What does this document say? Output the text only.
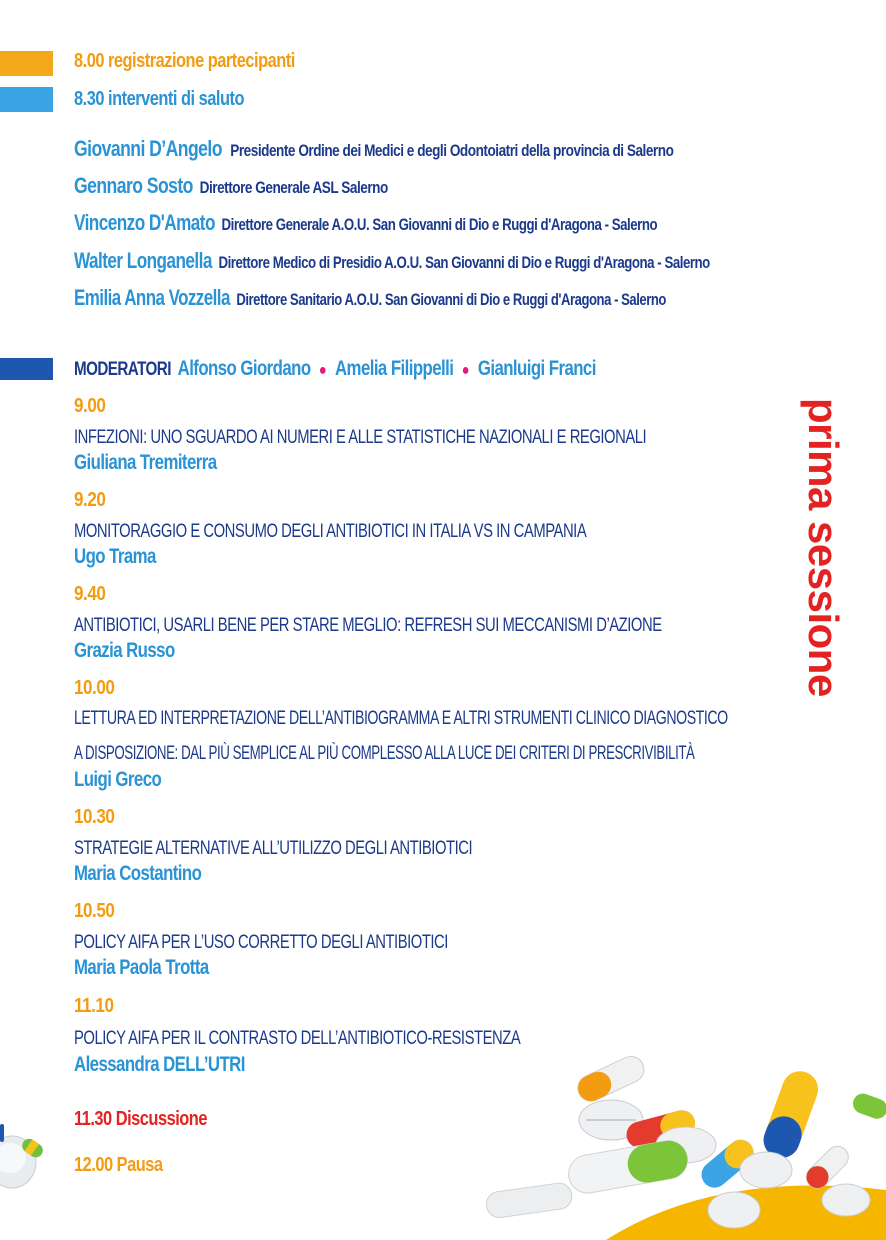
8.00 registrazione partecipanti
8.30 interventi di saluto
Giovanni D’Angelo Presidente Ordine dei Medici e degli Odontoiatri della provincia di Salerno
Gennaro Sosto Direttore Generale ASL Salerno
Vincenzo D'Amato Direttore Generale A.O.U. San Giovanni di Dio e Ruggi d'Aragona - Salerno
Walter Longanella Direttore Medico di Presidio A.O.U. San Giovanni di Dio e Ruggi d'Aragona - Salerno
Emilia Anna Vozzella Direttore Sanitario A.O.U. San Giovanni di Dio e Ruggi d'Aragona - Salerno
MODERATORI Alfonso Giordano ● Amelia Filippelli ● Gianluigi Franci
prima sessione
9.00
INFEZIONI: UNO SGUARDO AI NUMERI E ALLE STATISTICHE NAZIONALI E REGIONALI
Giuliana Tremiterra
9.20
MONITORAGGIO E CONSUMO DEGLI ANTIBIOTICI IN ITALIA VS IN CAMPANIA
Ugo Trama
9.40
ANTIBIOTICI, USARLI BENE PER STARE MEGLIO: REFRESH SUI MECCANISMI D’AZIONE
Grazia Russo
10.00
LETTURA ED INTERPRETAZIONE DELL’ANTIBIOGRAMMA E ALTRI STRUMENTI CLINICO DIAGNOSTICO
A DISPOSIZIONE: DAL PIÙ SEMPLICE AL PIÙ COMPLESSO ALLA LUCE DEI CRITERI DI PRESCRIVIBILITÀ
Luigi Greco
10.30
STRATEGIE ALTERNATIVE ALL’UTILIZZO DEGLI ANTIBIOTICI
Maria Costantino
10.50
POLICY AIFA PER L’USO CORRETTO DEGLI ANTIBIOTICI
Maria Paola Trotta
11.10
POLICY AIFA PER IL CONTRASTO DELL’ANTIBIOTICO-RESISTENZA
Alessandra DELL’UTRI
11.30 Discussione
12.00 Pausa
